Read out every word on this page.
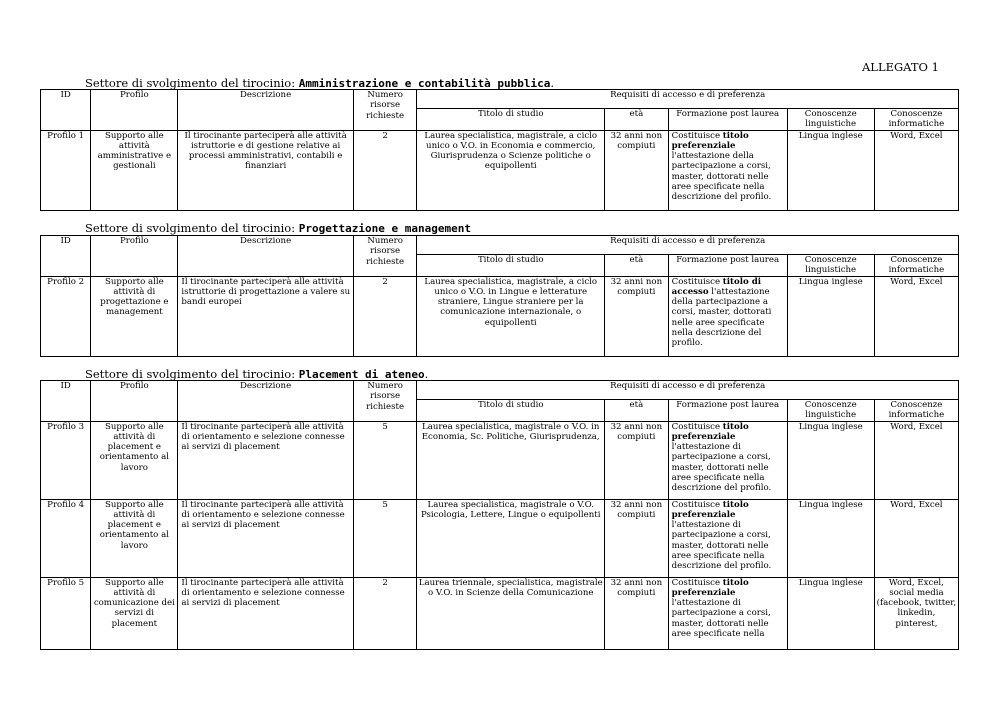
ALLEGATO 1
Settore di svolgimento del tirocinio: Amministrazione e contabilità pubblica.
ID	Profilo	Descrizione	Numero risorse richieste	Requisiti di accesso e di preferenza				
				Titolo di studio	età	Formazione post laurea	Conoscenze linguistiche	Conoscenze informatiche
Profilo 1	Supporto alle attività amministrative e gestionali	Il tirocinante parteciperà alle attività istruttorie e di gestione relative ai processi amministrativi, contabili e finanziari	2	Laurea specialistica, magistrale, a ciclo unico o V.O. in Economia e commercio, Giurisprudenza o Scienze politiche o equipollenti	32 anni non compiuti	Costituisce titolo preferenziale l'attestazione della partecipazione a corsi, master, dottorati nelle aree specificate nella descrizione del profilo.	Lingua inglese	Word, Excel
Settore di svolgimento del tirocinio: Progettazione e management
ID	Profilo	Descrizione	Numero risorse richieste	Requisiti di accesso e di preferenza				
				Titolo di studio	età	Formazione post laurea	Conoscenze linguistiche	Conoscenze informatiche
Profilo 2	Supporto alle attività di progettazione e management	Il tirocinante parteciperà alle attività istruttorie di progettazione a valere su bandi europei	2	Laurea specialistica, magistrale, a ciclo unico o V.O. in Lingue e letterature straniere, Lingue straniere per la comunicazione internazionale, o equipollenti	32 anni non compiuti	Costituisce titolo di accesso l'attestazione della partecipazione a corsi, master, dottorati nelle aree specificate nella descrizione del profilo.	Lingua inglese	Word, Excel
Settore di svolgimento del tirocinio: Placement di ateneo.
ID	Profilo	Descrizione	Numero risorse richieste	Requisiti di accesso e di preferenza				
				Titolo di studio	età	Formazione post laurea	Conoscenze linguistiche	Conoscenze informatiche
Profilo 3	Supporto alle attività di placement e orientamento al lavoro	Il tirocinante parteciperà alle attività di orientamento e selezione connesse ai servizi di placement	5	Laurea specialistica, magistrale o V.O. in Economia, Sc. Politiche, Giurisprudenza,	32 anni non compiuti	Costituisce titolo preferenziale l'attestazione di partecipazione a corsi, master, dottorati nelle aree specificate nella descrizione del profilo.	Lingua inglese	Word, Excel
Profilo 4	Supporto alle attività di placement e orientamento al lavoro	Il tirocinante parteciperà alle attività di orientamento e selezione connesse ai servizi di placement	5	Laurea specialistica, magistrale o V.O. Psicologia, Lettere, Lingue o equipollenti	32 anni non compiuti	Costituisce titolo preferenziale l'attestazione di partecipazione a corsi, master, dottorati nelle aree specificate nella descrizione del profilo.	Lingua inglese	Word, Excel
Profilo 5	Supporto alle attività di comunicazione dei servizi di placement	Il tirocinante parteciperà alle attività di orientamento e selezione connesse ai servizi di placement	2	Laurea triennale, specialistica, magistrale o V.O. in Scienze della Comunicazione	32 anni non compiuti	Costituisce titolo preferenziale l'attestazione di partecipazione a corsi, master, dottorati nelle aree specificate nella	Lingua inglese	Word, Excel, social media (facebook, twitter, linkedin, pinterest,
